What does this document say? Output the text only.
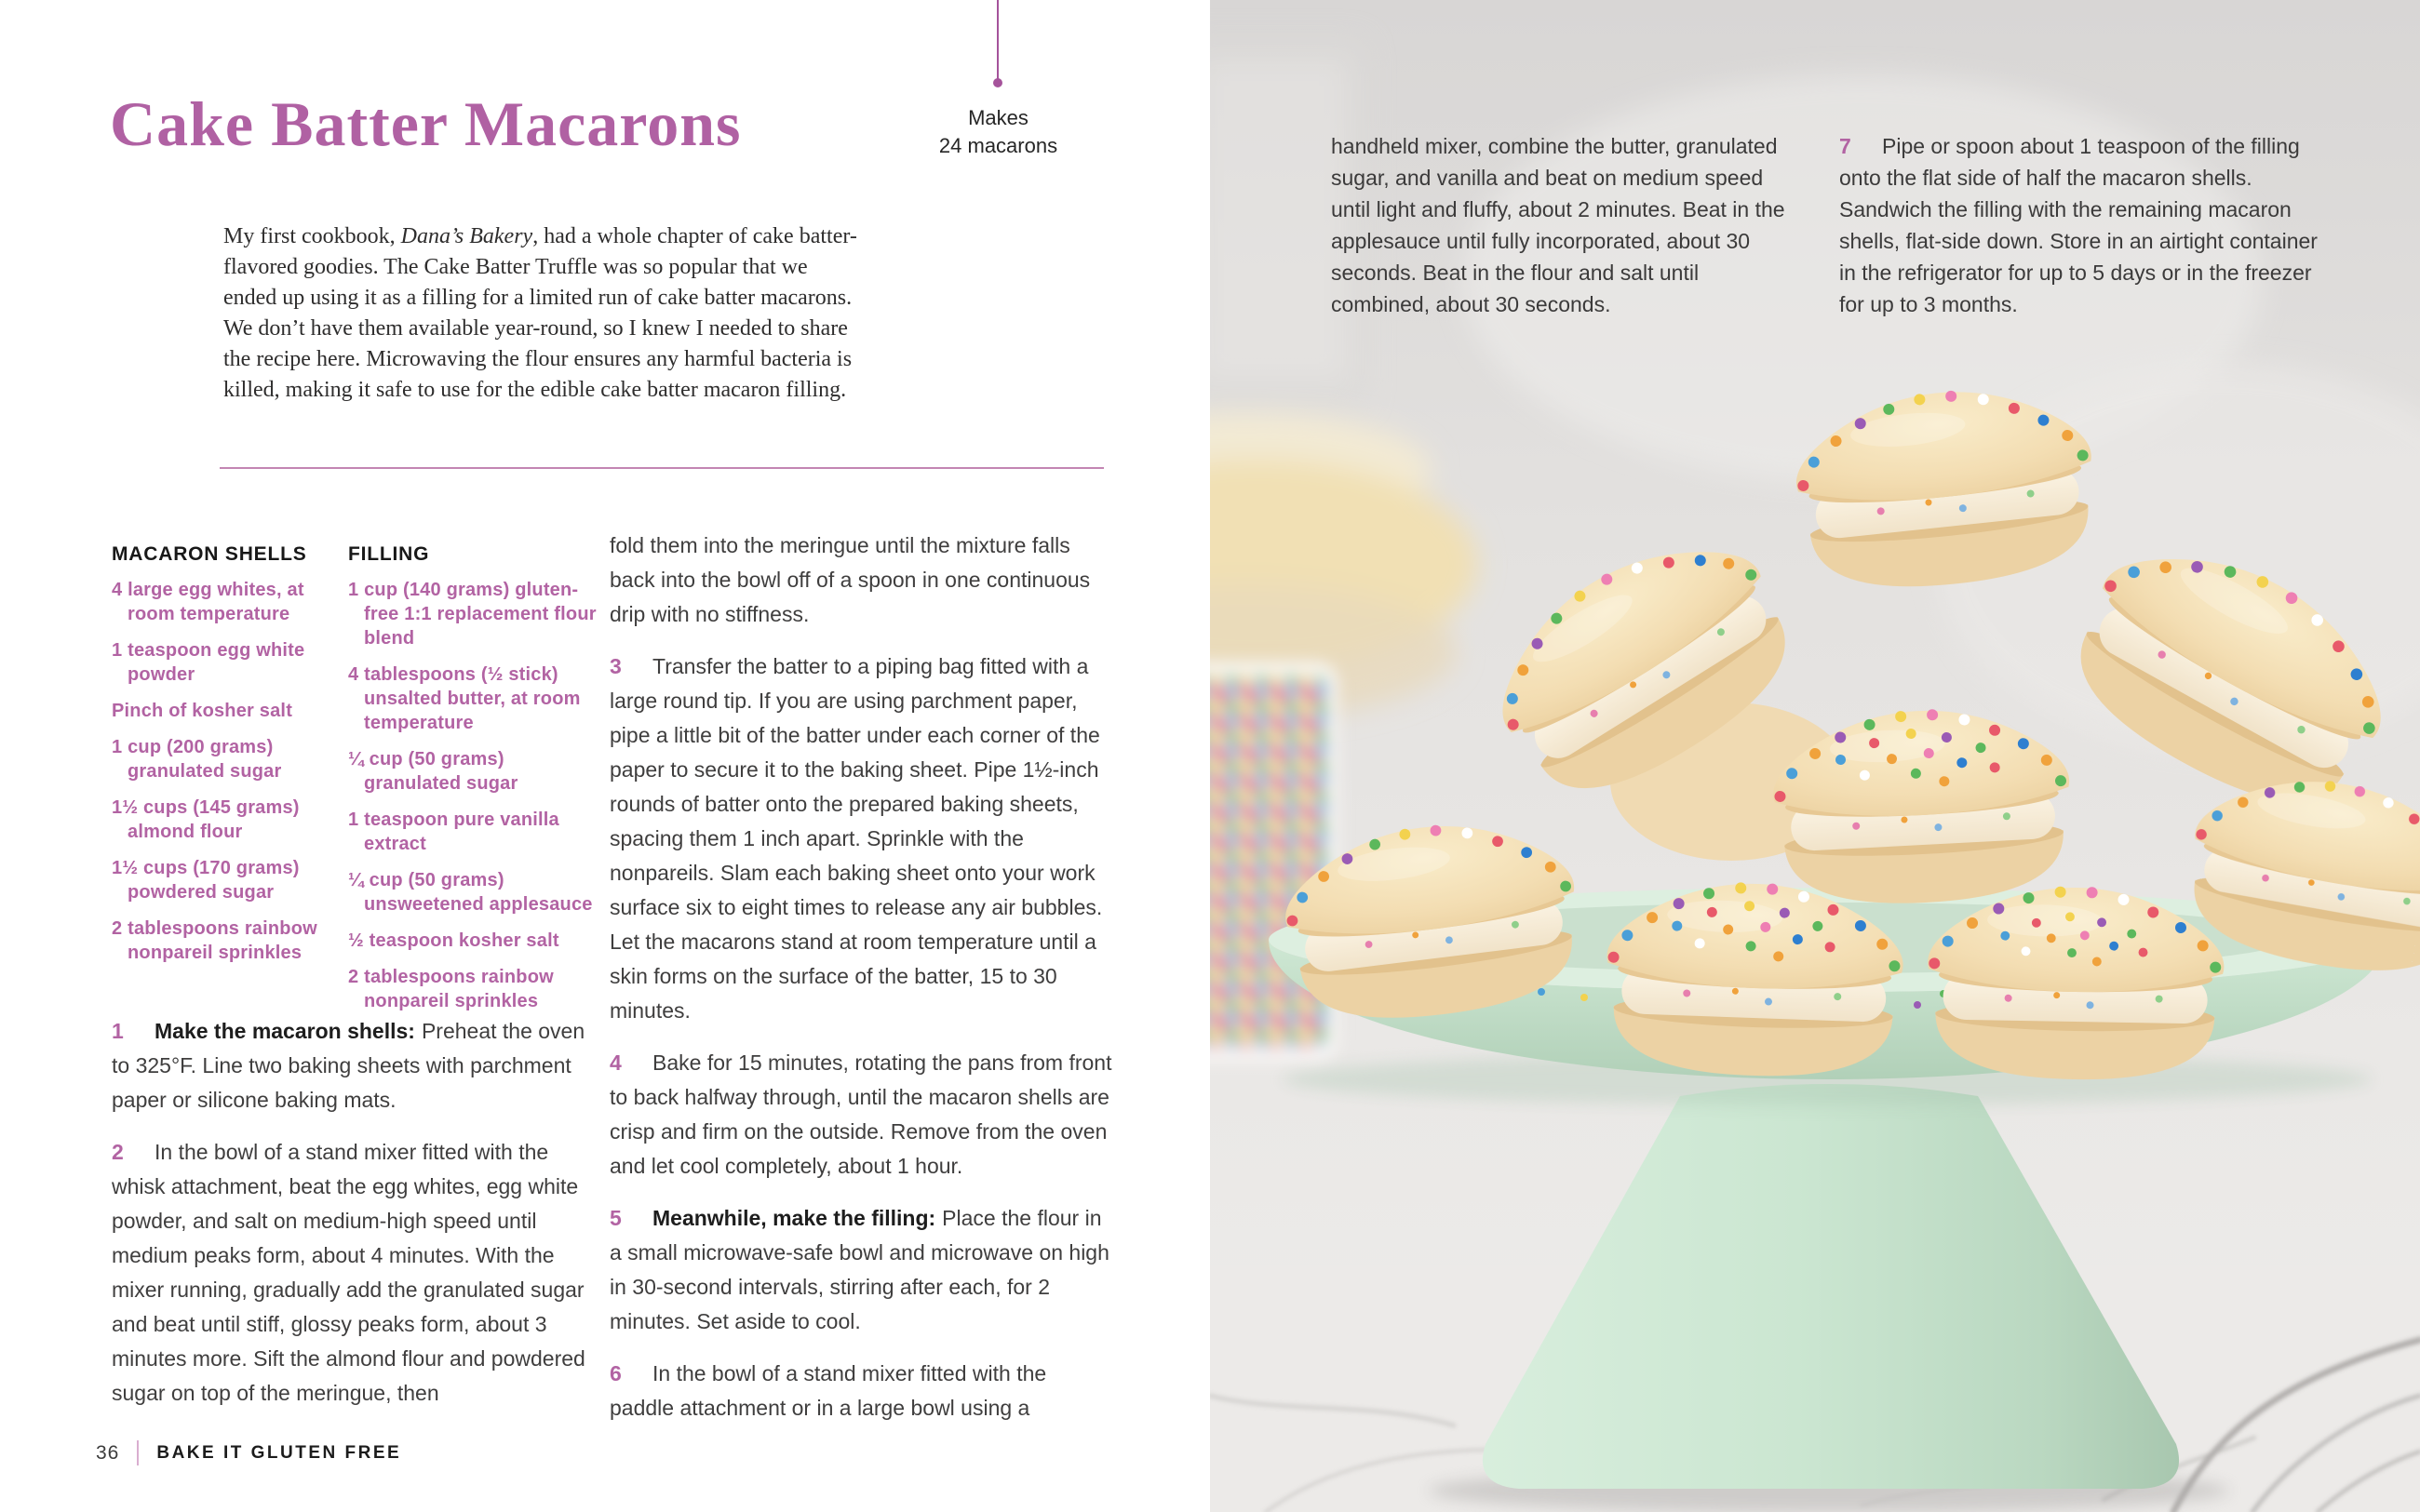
Makes
24 macarons
Cake Batter Macarons

My first cookbook, Dana’s Bakery, had a whole chapter of cake batter-flavored goodies. The Cake Batter Truffle was so popular that we ended up using it as a filling for a limited run of cake batter macarons. We don’t have them available year-round, so I knew I needed to share the recipe here. Microwaving the flour ensures any harmful bacteria is killed, making it safe to use for the edible cake batter macaron filling.

MACARON SHELLS
4 large egg whites, at room temperature
1 teaspoon egg white powder
Pinch of kosher salt
1 cup (200 grams) granulated sugar
1½ cups (145 grams) almond flour
1½ cups (170 grams) powdered sugar
2 tablespoons rainbow nonpareil sprinkles
FILLING
1 cup (140 grams) gluten-free 1:1 replacement flour blend
4 tablespoons (½ stick) unsalted butter, at room temperature
¼ cup (50 grams) granulated sugar
1 teaspoon pure vanilla extract
¼ cup (50 grams) unsweetened applesauce
½ teaspoon kosher salt
2 tablespoons rainbow nonpareil sprinkles

1 Make the macaron shells: Preheat the oven to 325°F. Line two baking sheets with parchment paper or silicone baking mats.

2 In the bowl of a stand mixer fitted with the whisk attachment, beat the egg whites, egg white powder, and salt on medium-high speed until medium peaks form, about 4 minutes. With the mixer running, gradually add the granulated sugar and beat until stiff, glossy peaks form, about 3 minutes more. Sift the almond flour and powdered sugar on top of the meringue, then

fold them into the meringue until the mixture falls back into the bowl off of a spoon in one continuous drip with no stiffness.

3 Transfer the batter to a piping bag fitted with a large round tip. If you are using parchment paper, pipe a little bit of the batter under each corner of the paper to secure it to the baking sheet. Pipe 1½-inch rounds of batter onto the prepared baking sheets, spacing them 1 inch apart. Sprinkle with the nonpareils. Slam each baking sheet onto your work surface six to eight times to release any air bubbles. Let the macarons stand at room temperature until a skin forms on the surface of the batter, 15 to 30 minutes.

4 Bake for 15 minutes, rotating the pans from front to back halfway through, until the macaron shells are crisp and firm on the outside. Remove from the oven and let cool completely, about 1 hour.

5 Meanwhile, make the filling: Place the flour in a small microwave-safe bowl and microwave on high in 30-second intervals, stirring after each, for 2 minutes. Set aside to cool.

6 In the bowl of a stand mixer fitted with the paddle attachment or in a large bowl using a

36 BAKE IT GLUTEN FREE

handheld mixer, combine the butter, granulated sugar, and vanilla and beat on medium speed until light and fluffy, about 2 minutes. Beat in the applesauce until fully incorporated, about 30 seconds. Beat in the flour and salt until combined, about 30 seconds.

7 Pipe or spoon about 1 teaspoon of the filling onto the flat side of half the macaron shells. Sandwich the filling with the remaining macaron shells, flat-side down. Store in an airtight container in the refrigerator for up to 5 days or in the freezer for up to 3 months.
